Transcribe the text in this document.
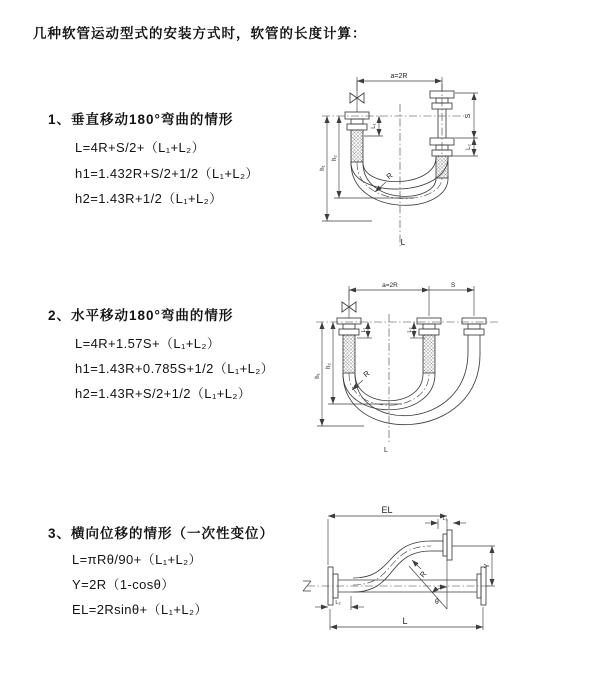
几种软管运动型式的安装方式时，软管的长度计算：
1、垂直移动180°弯曲的情形
L=4R+S/2+（L₁+L₂）
h1=1.432R+S/2+1/2（L₁+L₂）
h2=1.43R+1/2（L₁+L₂）
a=2R
L₁
S
L₂
h₁
h₂
R
L
2、水平移动180°弯曲的情形
L=4R+1.57S+（L₁+L₂）
h1=1.43R+0.785S+1/2（L₁+L₂）
h2=1.43R+S/2+1/2（L₁+L₂）
a=2R	S
L₁	L₂
h₁
h₂
R
L
3、横向位移的情形（一次性变位）
L=πRθ/90+（L₁+L₂）
Y=2R（1-cosθ）
EL=2Rsinθ+（L₁+L₂）
EL
L₁
Y
θ
R
L₂
L
